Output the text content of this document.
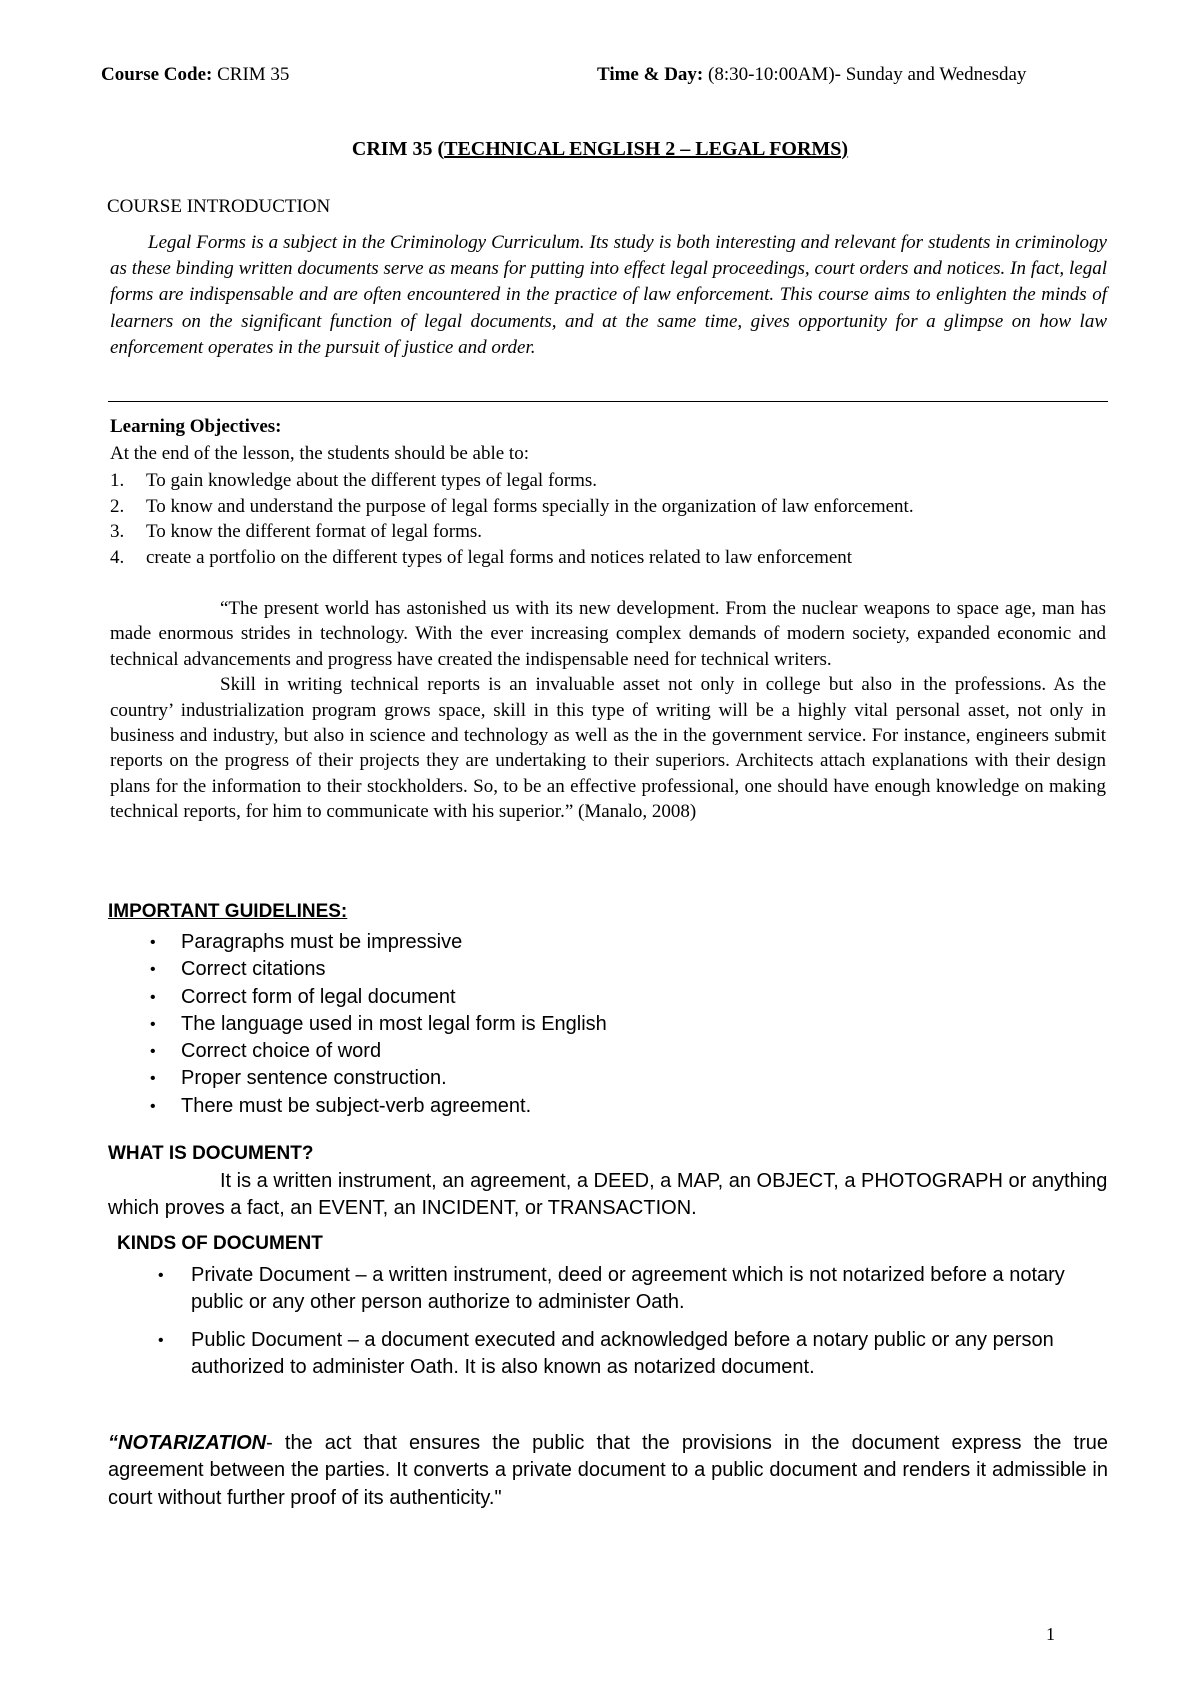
Course Code: CRIM 35	Time & Day: (8:30-10:00AM)- Sunday and Wednesday
CRIM 35 (TECHNICAL ENGLISH 2 – LEGAL FORMS)
COURSE INTRODUCTION
Legal Forms is a subject in the Criminology Curriculum. Its study is both interesting and relevant for students in criminology as these binding written documents serve as means for putting into effect legal proceedings, court orders and notices. In fact, legal forms are indispensable and are often encountered in the practice of law enforcement. This course aims to enlighten the minds of learners on the significant function of legal documents, and at the same time, gives opportunity for a glimpse on how law enforcement operates in the pursuit of justice and order.
Learning Objectives:
At the end of the lesson, the students should be able to:
1. To gain knowledge about the different types of legal forms.
2. To know and understand the purpose of legal forms specially in the organization of law enforcement.
3. To know the different format of legal forms.
4. create a portfolio on the different types of legal forms and notices related to law enforcement

“The present world has astonished us with its new development. From the nuclear weapons to space age, man has made enormous strides in technology. With the ever increasing complex demands of modern society, expanded economic and technical advancements and progress have created the indispensable need for technical writers.

Skill in writing technical reports is an invaluable asset not only in college but also in the professions. As the country’ industrialization program grows space, skill in this type of writing will be a highly vital personal asset, not only in business and industry, but also in science and technology as well as the in the government service. For instance, engineers submit reports on the progress of their projects they are undertaking to their superiors. Architects attach explanations with their design plans for the information to their stockholders. So, to be an effective professional, one should have enough knowledge on making technical reports, for him to communicate with his superior.” (Manalo, 2008)

IMPORTANT GUIDELINES:
• Paragraphs must be impressive
• Correct citations
• Correct form of legal document
• The language used in most legal form is English
• Correct choice of word
• Proper sentence construction.
• There must be subject-verb agreement.
WHAT IS DOCUMENT?
It is a written instrument, an agreement, a DEED, a MAP, an OBJECT, a PHOTOGRAPH or anything which proves a fact, an EVENT, an INCIDENT, or TRANSACTION.
KINDS OF DOCUMENT
• Private Document – a written instrument, deed or agreement which is not notarized before a notary public or any other person authorize to administer Oath.
• Public Document – a document executed and acknowledged before a notary public or any person authorized to administer Oath. It is also known as notarized document.
“NOTARIZATION- the act that ensures the public that the provisions in the document express the true agreement between the parties. It converts a private document to a public document and renders it admissible in court without further proof of its authenticity."
1
